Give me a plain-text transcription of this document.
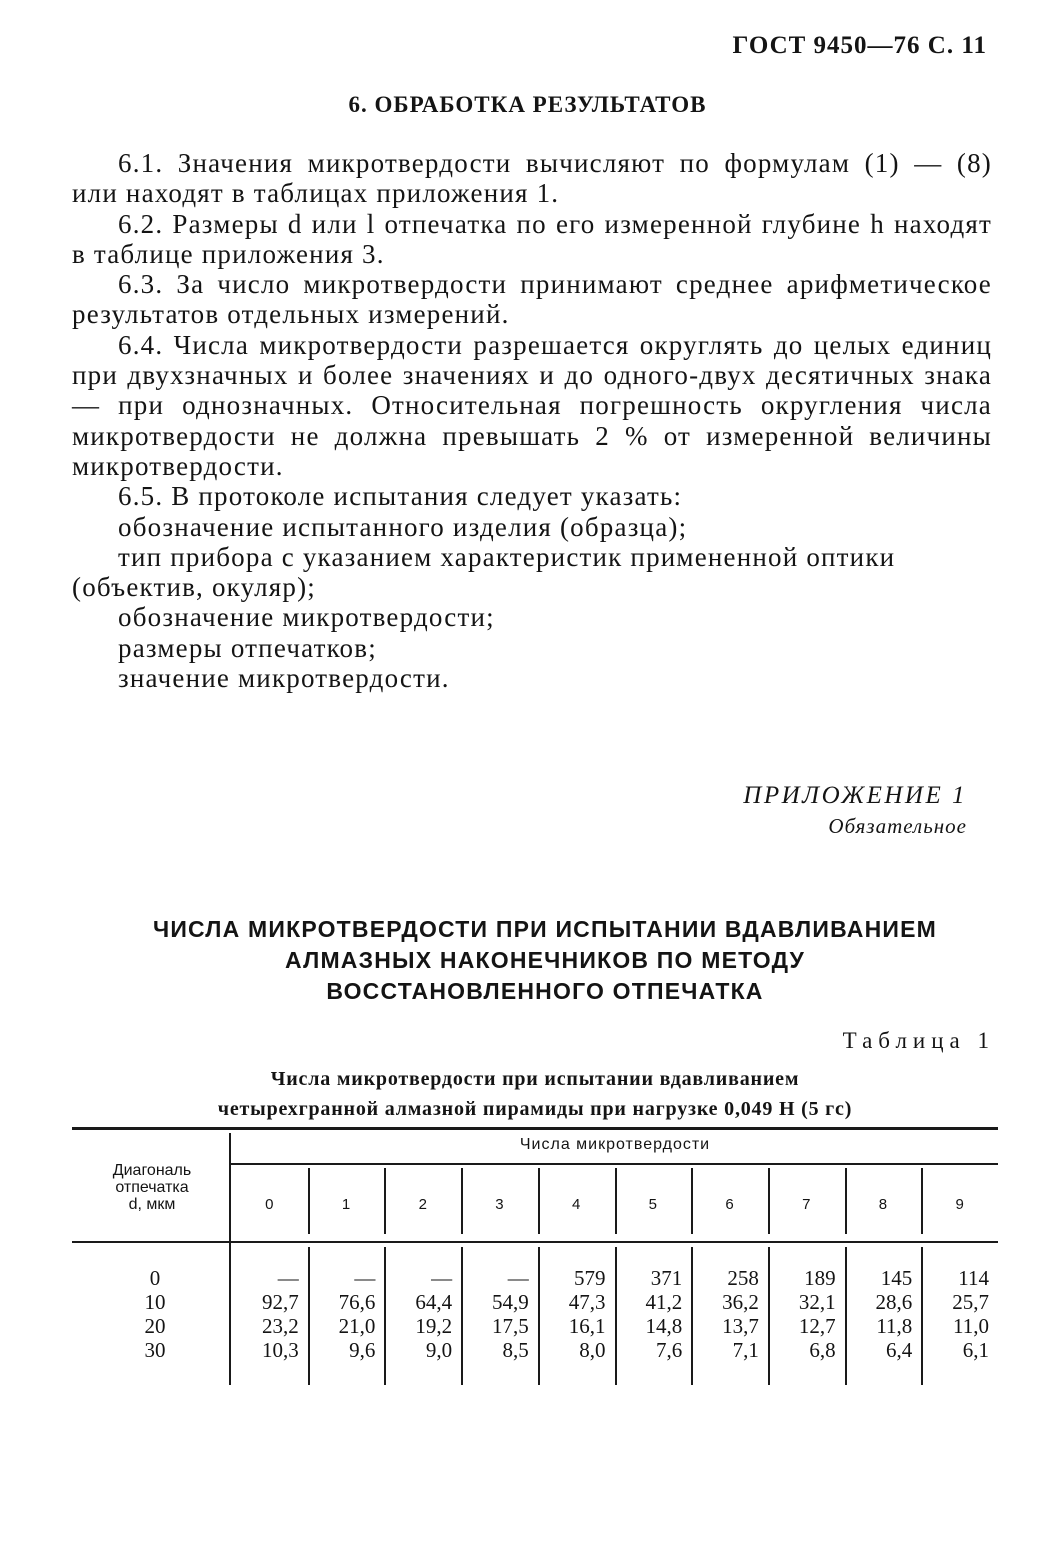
ГОСТ 9450—76 С. 11
6. ОБРАБОТКА РЕЗУЛЬТАТОВ

6.1. Значения микротвердости вычисляют по формулам (1) — (8) или находят в таблицах приложения 1.

6.2. Размеры d или l отпечатка по его измеренной глубине h находят в таблице приложения 3.

6.3. За число микротвердости принимают среднее арифметическое результатов отдельных измерений.

6.4. Числа микротвердости разрешается округлять до целых единиц при двухзначных и более значениях и до одного-двух десятичных знака — при однозначных. Относительная погрешность округления числа микротвердости не должна превышать 2 % от измеренной величины микротвердости.

6.5. В протоколе испытания следует указать:

обозначение испытанного изделия (образца);

тип прибора с указанием характеристик примененной оптики

(объектив, окуляр);

обозначение микротвердости;

размеры отпечатков;

значение микротвердости.

ПРИЛОЖЕНИЕ 1
Обязательное
ЧИСЛА МИКРОТВЕРДОСТИ ПРИ ИСПЫТАНИИ ВДАВЛИВАНИЕМ
АЛМАЗНЫХ НАКОНЕЧНИКОВ ПО МЕТОДУ
ВОССТАНОВЛЕННОГО ОТПЕЧАТКА
Таблица 1
Числа микротвердости при испытании вдавливанием
четырехгранной алмазной пирамиды при нагрузке 0,049 Н (5 гс)
Числа микротвердости
Диагональ
отпечатка
d, мкм	0	1	2	3	4	5	6	7	8	9
0	—	—	—	—	579	371	258	189	145	114
10	92,7	76,6	64,4	54,9	47,3	41,2	36,2	32,1	28,6	25,7
20	23,2	21,0	19,2	17,5	16,1	14,8	13,7	12,7	11,8	11,0
30	10,3	9,6	9,0	8,5	8,0	7,6	7,1	6,8	6,4	6,1
